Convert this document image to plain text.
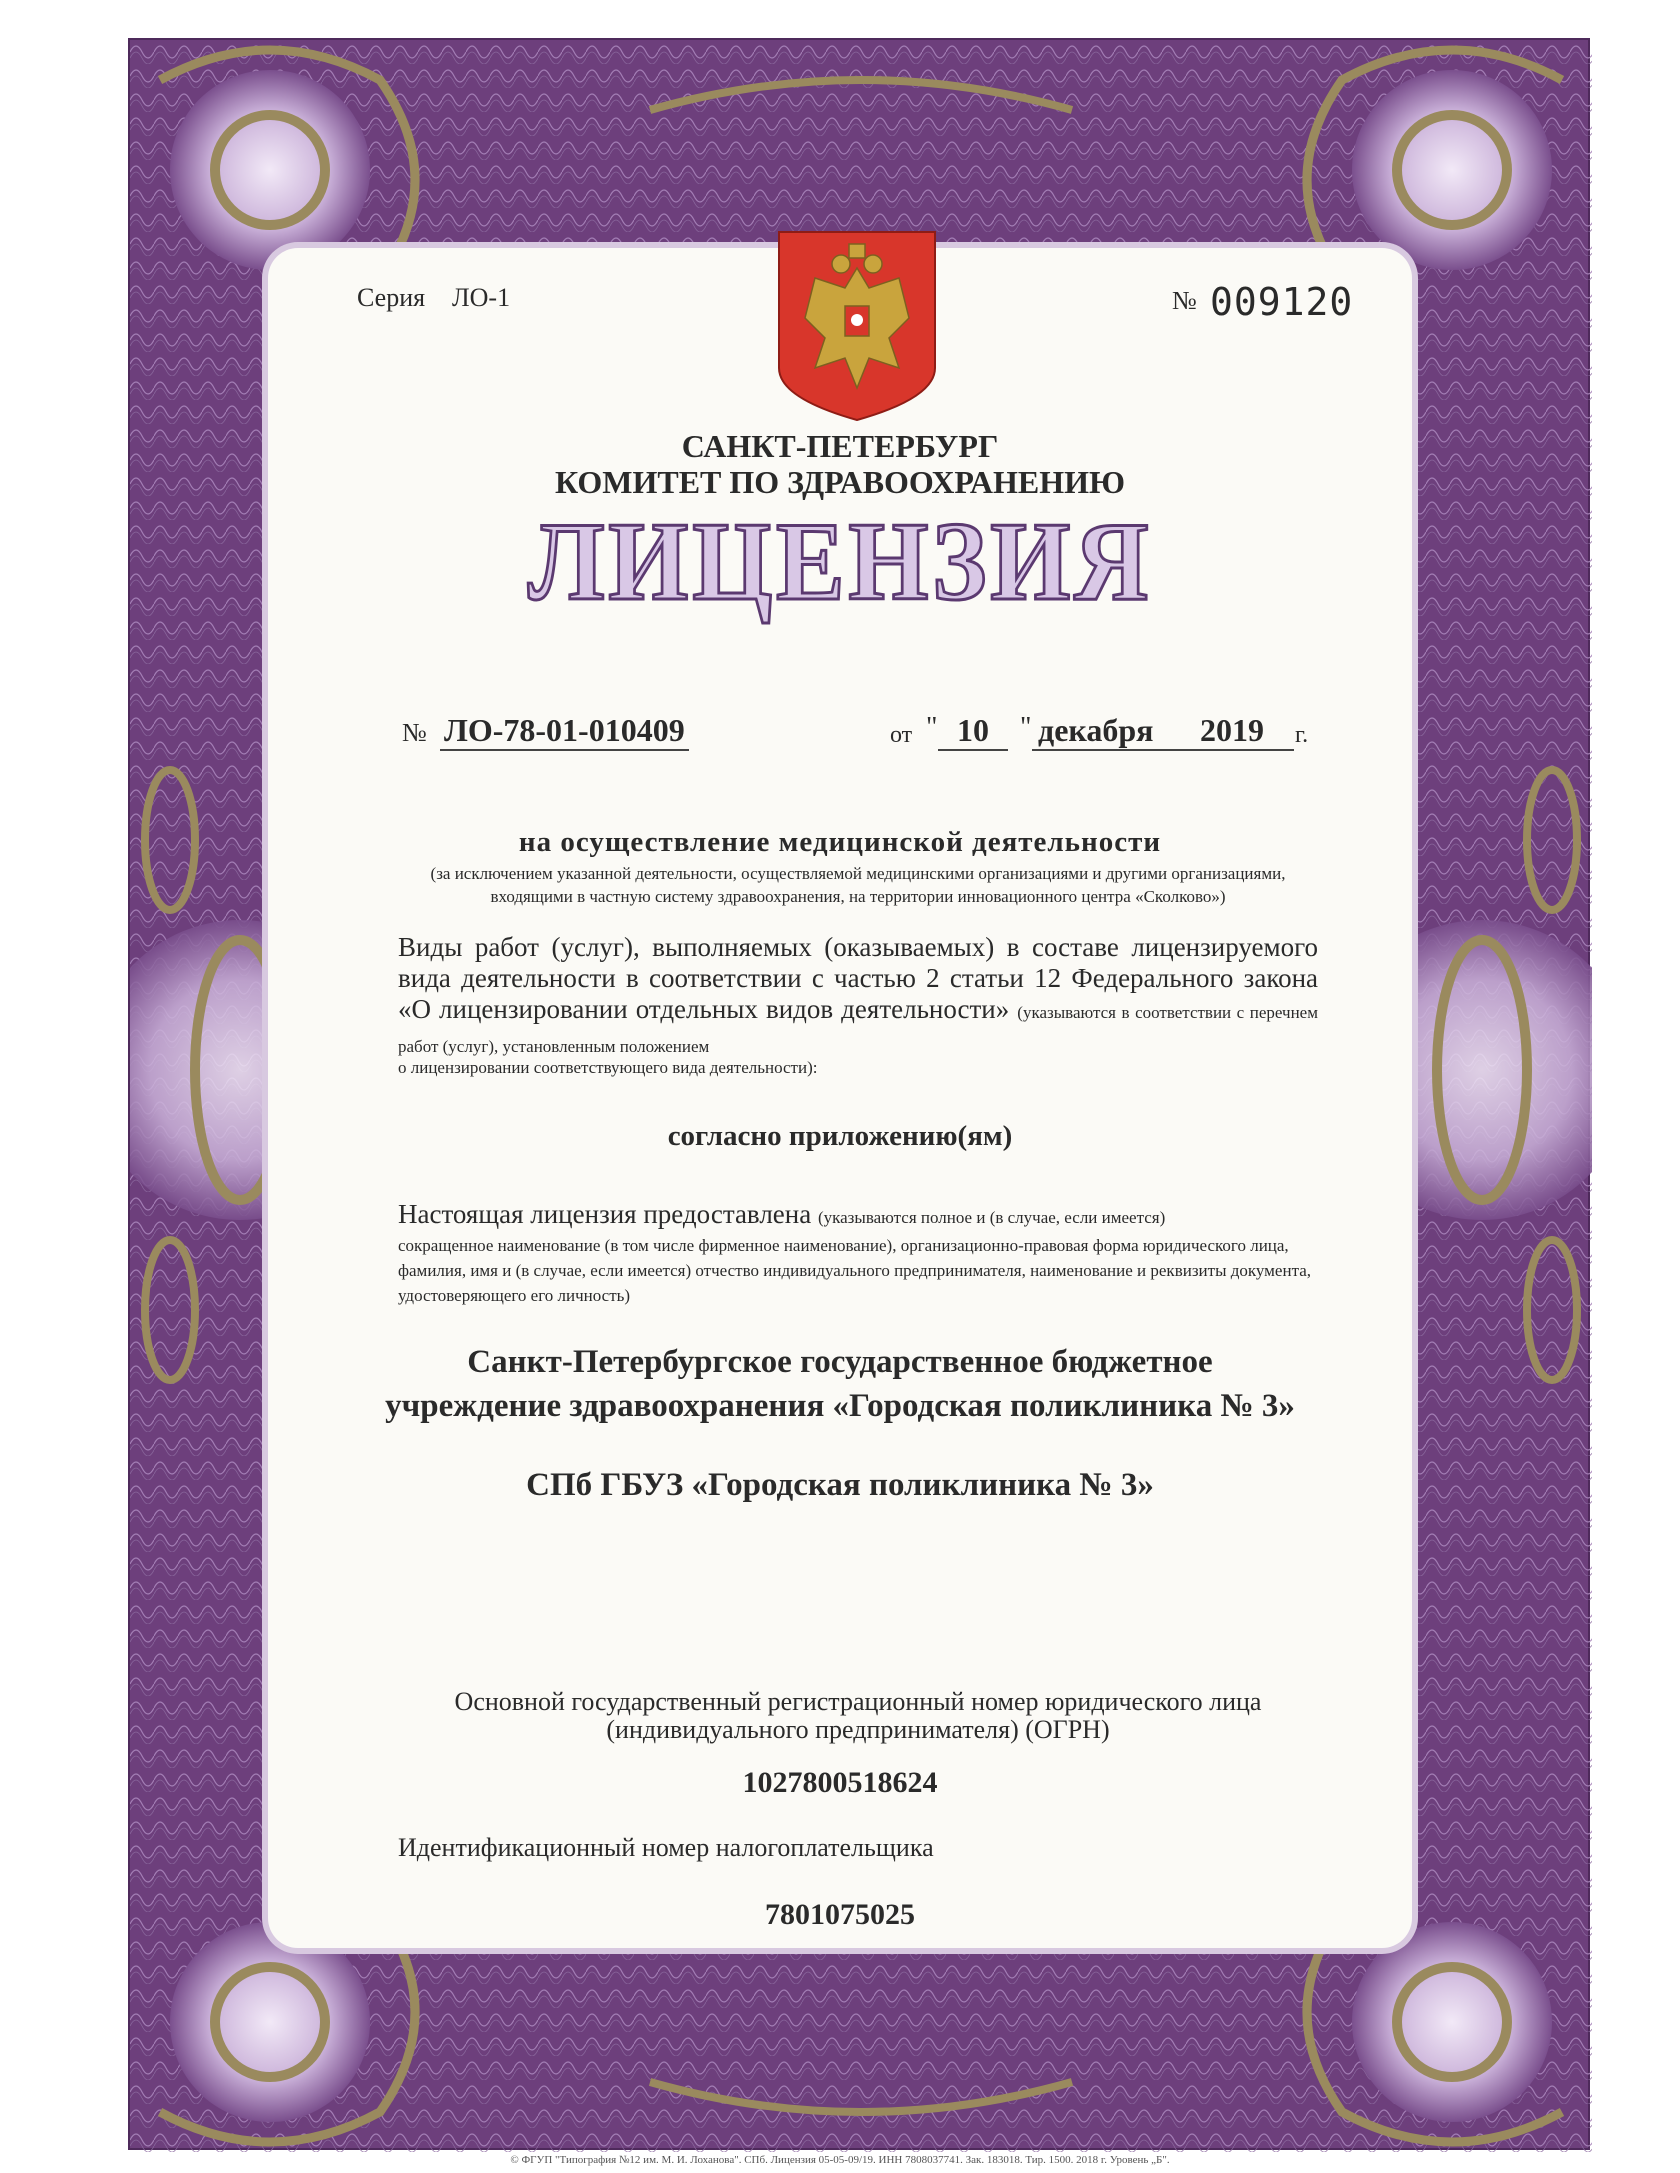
Серия ЛО-1	№ 009120
САНКТ-ПЕТЕРБУРГ
КОМИТЕТ ПО ЗДРАВООХРАНЕНИЮ
ЛИЦЕНЗИЯ
№ ЛО-78-01-010409	от " 10	" декабря	2019 г.
на осуществление медицинской деятельности
(за исключением указанной деятельности, осуществляемой медицинскими организациями и другими организациями, входящими в частную систему здравоохранения, на территории инновационного центра «Сколково»)
Виды работ (услуг), выполняемых (оказываемых) в составе лицензируемого вида деятельности в соответствии с частью 2 статьи 12 Федерального закона «О лицензировании отдельных видов деятельности» (указываются в соответствии с перечнем работ (услуг), установленным положением
о лицензировании соответствующего вида деятельности):
согласно приложению(ям)
Настоящая лицензия предоставлена (указываются полное и (в случае, если имеется)
сокращенное наименование (в том числе фирменное наименование), организационно-правовая форма юридического лица, фамилия, имя и (в случае, если имеется) отчество индивидуального предпринимателя, наименование и реквизиты документа, удостоверяющего его личность)
Санкт-Петербургское государственное бюджетное
учреждение здравоохранения «Городская поликлиника № 3»
СПб ГБУЗ «Городская поликлиника № 3»
Основной государственный регистрационный номер юридического лица (индивидуального предпринимателя) (ОГРН)
1027800518624
Идентификационный номер налогоплательщика
7801075025
© ФГУП "Типография №12 им. М. И. Лоханова". СПб. Лицензия 05-05-09/19. ИНН 7808037741. Зак. 183018. Тир. 1500. 2018 г. Уровень „Б".
